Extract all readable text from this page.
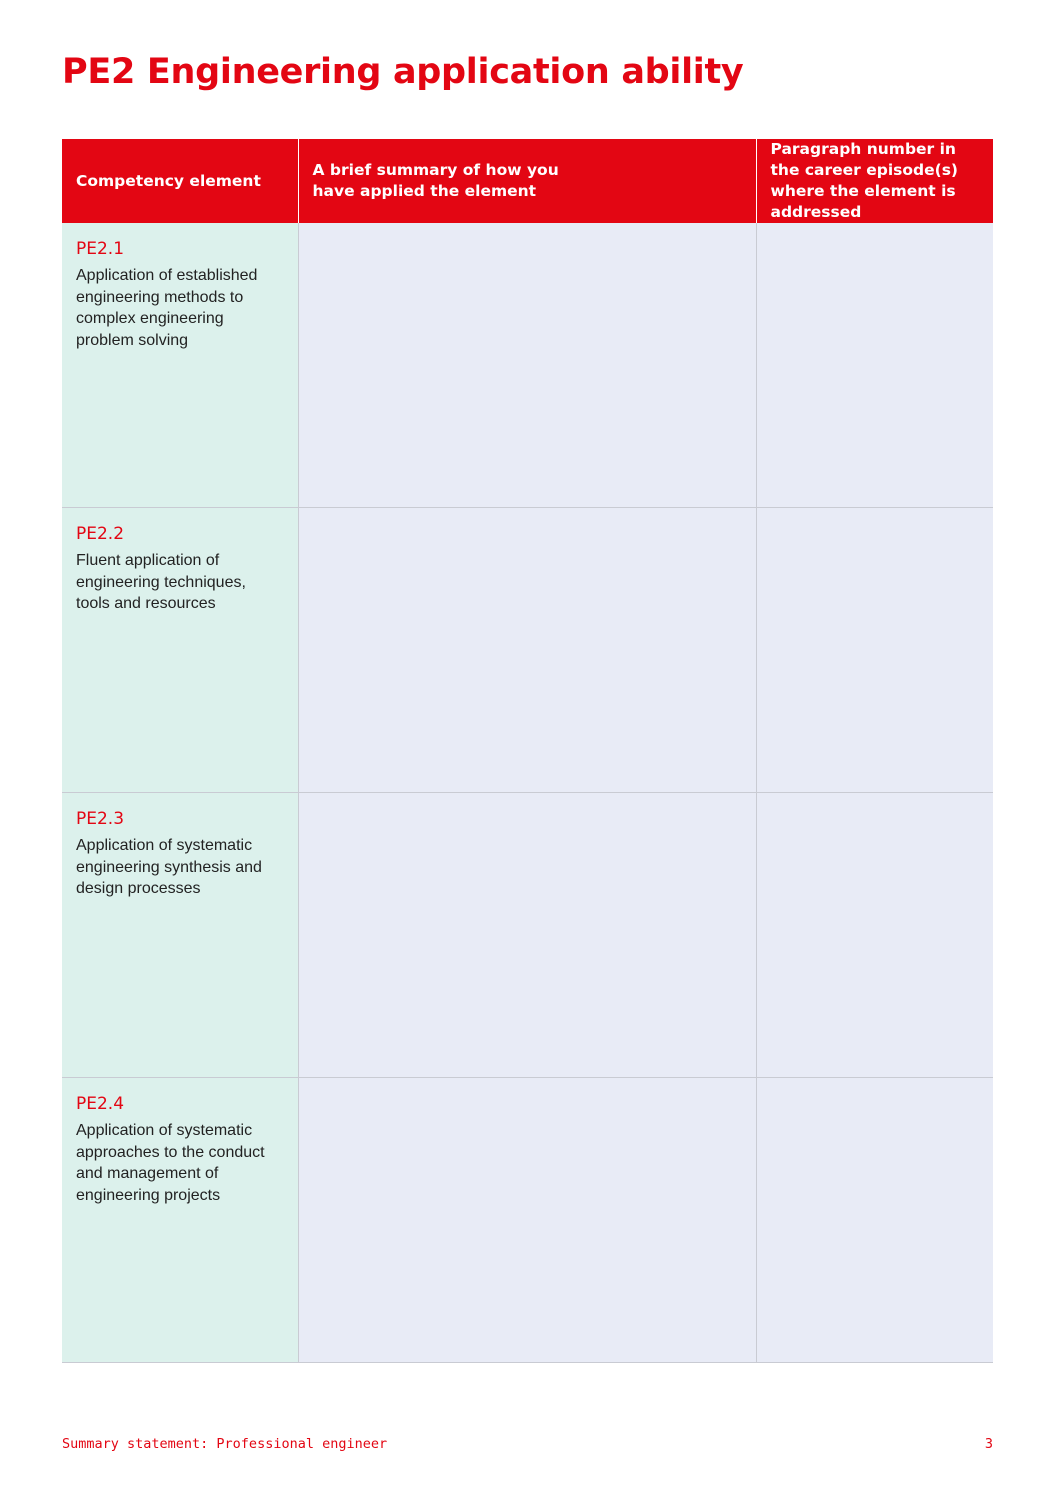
PE2 Engineering application ability
Competency element	A brief summary of how you have applied the element	Paragraph number in the career episode(s) where the element is addressed

PE2.1
Application of established engineering methods to complex engineering problem solving		

PE2.2
Fluent application of engineering techniques, tools and resources		

PE2.3
Application of systematic engineering synthesis and design processes		

PE2.4
Application of systematic approaches to the conduct and management of engineering projects		

Summary statement: Professional engineer	3
